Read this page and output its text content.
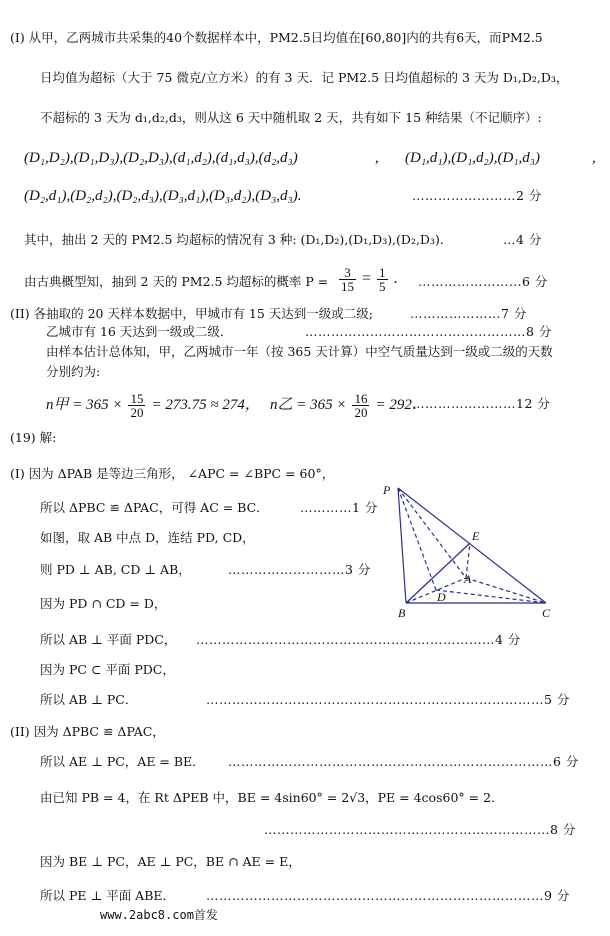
(I) 从甲，乙两城市共采集的40个数据样本中，PM2.5日均值在[60,80]内的共有6天，而PM2.5
日均值为超标（大于 75 微克/立方米）的有 3 天．记 PM2.5 日均值超标的 3 天为 D₁,D₂,D₃，
不超标的 3 天为 d₁,d₂,d₃，则从这 6 天中随机取 2 天，共有如下 15 种结果（不记顺序）:
(D₁,D₂),(D₁,D₃),(D₂,D₃),(d₁,d₂),(d₁,d₃),(d₂,d₃)	, (D₁,d₁),(D₁,d₂),(D₁,d₃)	,
(D₂,d₁),(D₂,d₂),(D₂,d₃),(D₃,d₁),(D₃,d₂),(D₃,d₃).	……………………2 分
其中，抽出 2 天的 PM2.5 均超标的情况有 3 种: (D₁,D₂),(D₁,D₃),(D₂,D₃)．	…4 分
由古典概型知，抽到 2 天的 PM2.5 均超标的概率 $P = \frac{3}{15} = \frac{1}{5}$ . ……………………6 分
(II) 各抽取的 20 天样本数据中，甲城市有 15 天达到一级或二级;	…………………7 分
乙城市有 16 天达到一级或二级．	……………………………………………8 分
由样本估计总体知，甲，乙两城市一年（按 365 天计算）中空气质量达到一级或二级的天数
分别约为:
n甲 = $365 \times \frac{15}{20} = 273.75 \approx 274$， n乙 = $365 \times \frac{16}{20} = 292$．
……………………12 分
(19) 解:
(I) 因为 ΔPAB 是等边三角形， ∠APC = ∠BPC = 60°，
所以 ΔPBC ≌ ΔPAC，可得 AC = BC．	…………1 分
如图，取 AB 中点 D，连结 PD, CD，
则 PD ⊥ AB, CD ⊥ AB，	………………………3 分
因为 PD ∩ CD = D，
所以 AB ⊥ 平面 PDC， ……………………………………………………………4 分
因为 PC ⊂ 平面 PDC，
所以 AB ⊥ PC．	……………………………………………………………………5 分
(II) 因为 ΔPBC ≌ ΔPAC，
所以 AE ⊥ PC，AE = BE． …………………………………………………………………6 分
由已知 PB = 4，在 Rt ΔPEB 中，BE = 4sin60° = 2√3，PE = 4cos60° = 2.
…………………………………………………………8 分
因为 BE ⊥ PC，AE ⊥ PC，BE ∩ AE = E，
所以 PE ⊥ 平面 ABE． ……………………………………………………………………9 分
P
E
A
D
B	C
www.2abc8.com首发
